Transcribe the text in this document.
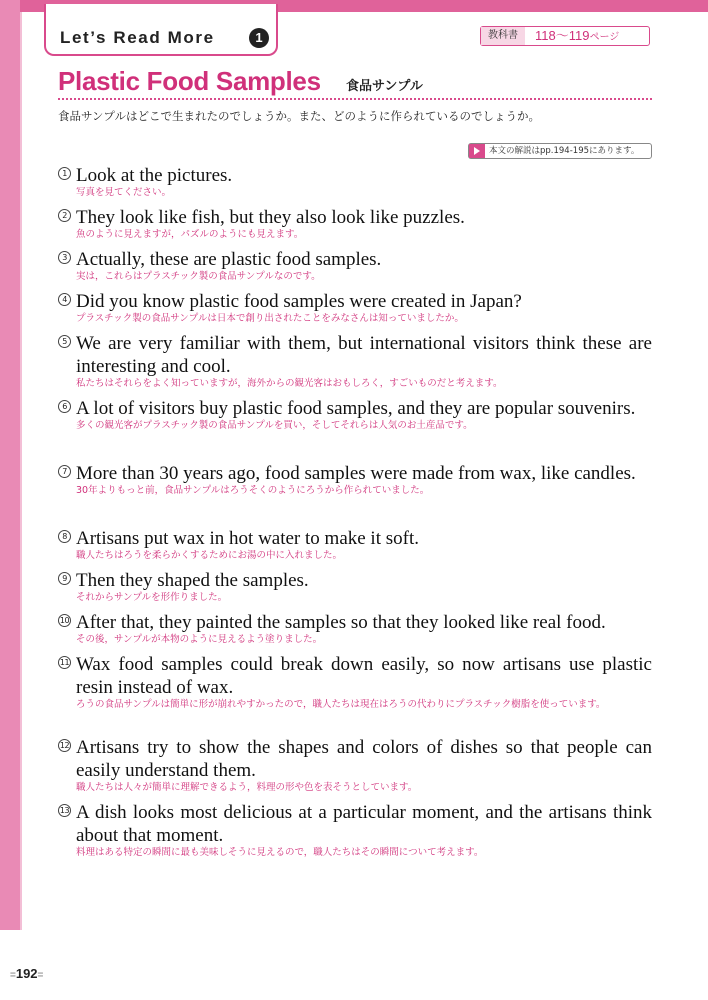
Let’s Read More	1	教科書	118～119ページ
Plastic Food Samples 食品サンプル
食品サンプルはどこで生まれたのでしょうか。また、どのように作られているのでしょうか。
本文の解説はpp.194-195にあります。
1 Look at the pictures.
写真を見てください。
2 They look like fish, but they also look like puzzles.
魚のように見えますが，パズルのようにも見えます。
3 Actually, these are plastic food samples.
実は，これらはプラスチック製の食品サンプルなのです。
4 Did you know plastic food samples were created in Japan?
プラスチック製の食品サンプルは日本で創り出されたことをみなさんは知っていましたか。
5 We are very familiar with them, but international visitors think these are interesting and cool.
私たちはそれらをよく知っていますが，海外からの観光客はおもしろく，すごいものだと考えます。
6 A lot of visitors buy plastic food samples, and they are popular souvenirs.
多くの観光客がプラスチック製の食品サンプルを買い，そしてそれらは人気のお土産品です。
7 More than 30 years ago, food samples were made from wax, like candles.
30年よりもっと前，食品サンプルはろうそくのようにろうから作られていました。
8 Artisans put wax in hot water to make it soft.
職人たちはろうを柔らかくするためにお湯の中に入れました。
9 Then they shaped the samples.
それからサンプルを形作りました。
10 After that, they painted the samples so that they looked like real food.
その後，サンプルが本物のように見えるよう塗りました。
11 Wax food samples could break down easily, so now artisans use plastic resin instead of wax.
ろうの食品サンプルは簡単に形が崩れやすかったので，職人たちは現在はろうの代わりにプラスチック樹脂を使っています。
12 Artisans try to show the shapes and colors of dishes so that people can easily understand them.
職人たちは人々が簡単に理解できるよう，料理の形や色を表そうとしています。
13 A dish looks most delicious at a particular moment, and the artisans think about that moment.
料理はある特定の瞬間に最も美味しそうに見えるので，職人たちはその瞬間について考えます。
=192=
